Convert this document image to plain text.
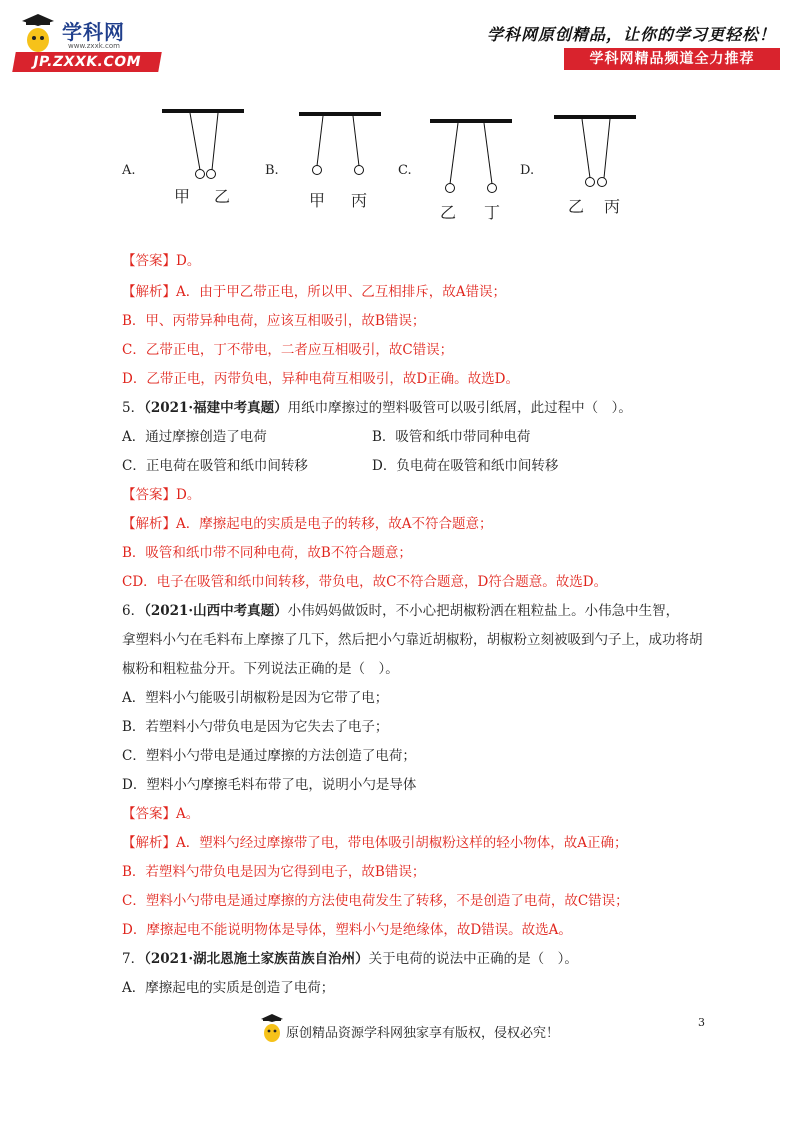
学科网
www.zxxk.com
JP.ZXXK.COM
学科网原创精品，让你的学习更轻松！
学科网精品频道全力推荐
A.
甲 乙
B.
甲 丙
C.
乙 丁
D.
乙 丙
【答案】D。
【解析】A．由于甲乙带正电，所以甲、乙互相排斥，故A错误；
B．甲、丙带异种电荷，应该互相吸引，故B错误；
C．乙带正电，丁不带电，二者应互相吸引，故C错误；
D．乙带正电，丙带负电，异种电荷互相吸引，故D正确。故选D。
5．（2021·福建中考真题）用纸巾摩擦过的塑料吸管可以吸引纸屑，此过程中（　）。
A．通过摩擦创造了电荷	B．吸管和纸巾带同种电荷
C．正电荷在吸管和纸巾间转移	D．负电荷在吸管和纸巾间转移
【答案】D。
【解析】A．摩擦起电的实质是电子的转移，故A不符合题意；
B．吸管和纸巾带不同种电荷，故B不符合题意；
CD．电子在吸管和纸巾间转移，带负电，故C不符合题意，D符合题意。故选D。
6．（2021·山西中考真题）小伟妈妈做饭时，不小心把胡椒粉洒在粗粒盐上。小伟急中生智，
拿塑料小勺在毛料布上摩擦了几下，然后把小勺靠近胡椒粉，胡椒粉立刻被吸到勺子上，成功将胡
椒粉和粗粒盐分开。下列说法正确的是（　）。
A．塑料小勺能吸引胡椒粉是因为它带了电；
B．若塑料小勺带负电是因为它失去了电子；
C．塑料小勺带电是通过摩擦的方法创造了电荷；
D．塑料小勺摩擦毛料布带了电，说明小勺是导体
【答案】A。
【解析】A．塑料勺经过摩擦带了电，带电体吸引胡椒粉这样的轻小物体，故A正确；
B．若塑料勺带负电是因为它得到电子，故B错误；
C．塑料小勺带电是通过摩擦的方法使电荷发生了转移，不是创造了电荷，故C错误；
D．摩擦起电不能说明物体是导体，塑料小勺是绝缘体，故D错误。故选A。
7．（2021·湖北恩施土家族苗族自治州）关于电荷的说法中正确的是（　）。
A．摩擦起电的实质是创造了电荷；
3
原创精品资源学科网独家享有版权，侵权必究！
